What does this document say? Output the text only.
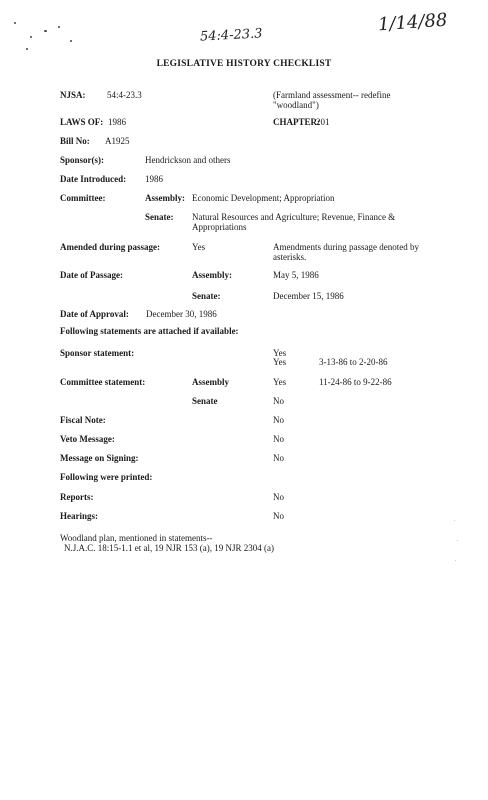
54:4-23.3
1/14/88
LEGISLATIVE HISTORY CHECKLIST
NJSA: 54:4-23.3	(Farmland assessment-- redefine "woodland")
LAWS OF: 1986	CHAPTER:
201
Bill No: A1925
Sponsor(s):	Hendrickson and others
Date Introduced: 1986
Committee:	Assembly: Economic Development; Appropriation
Senate: Natural Resources and Agriculture; Revenue, Finance & Appropriations
Amended during passage:	Yes	Amendments during passage denoted by asterisks.
Date of Passage:	Assembly:	May 5, 1986
Senate:	December 15, 1986
Date of Approval: December 30, 1986
Following statements are attached if available:
Sponsor statement:	Yes
Yes	3-13-86 to 2-20-86
Committee statement:	Assembly	Yes	11-24-86 to 9-22-86
Senate	No
Fiscal Note:	No
Veto Message:	No
Message on Signing:	No
Following were printed:
Reports:	No
Hearings:	No
Woodland plan, mentioned in statements--
N.J.A.C. 18:15-1.1 et al, 19 NJR 153 (a), 19 NJR 2304 (a)
